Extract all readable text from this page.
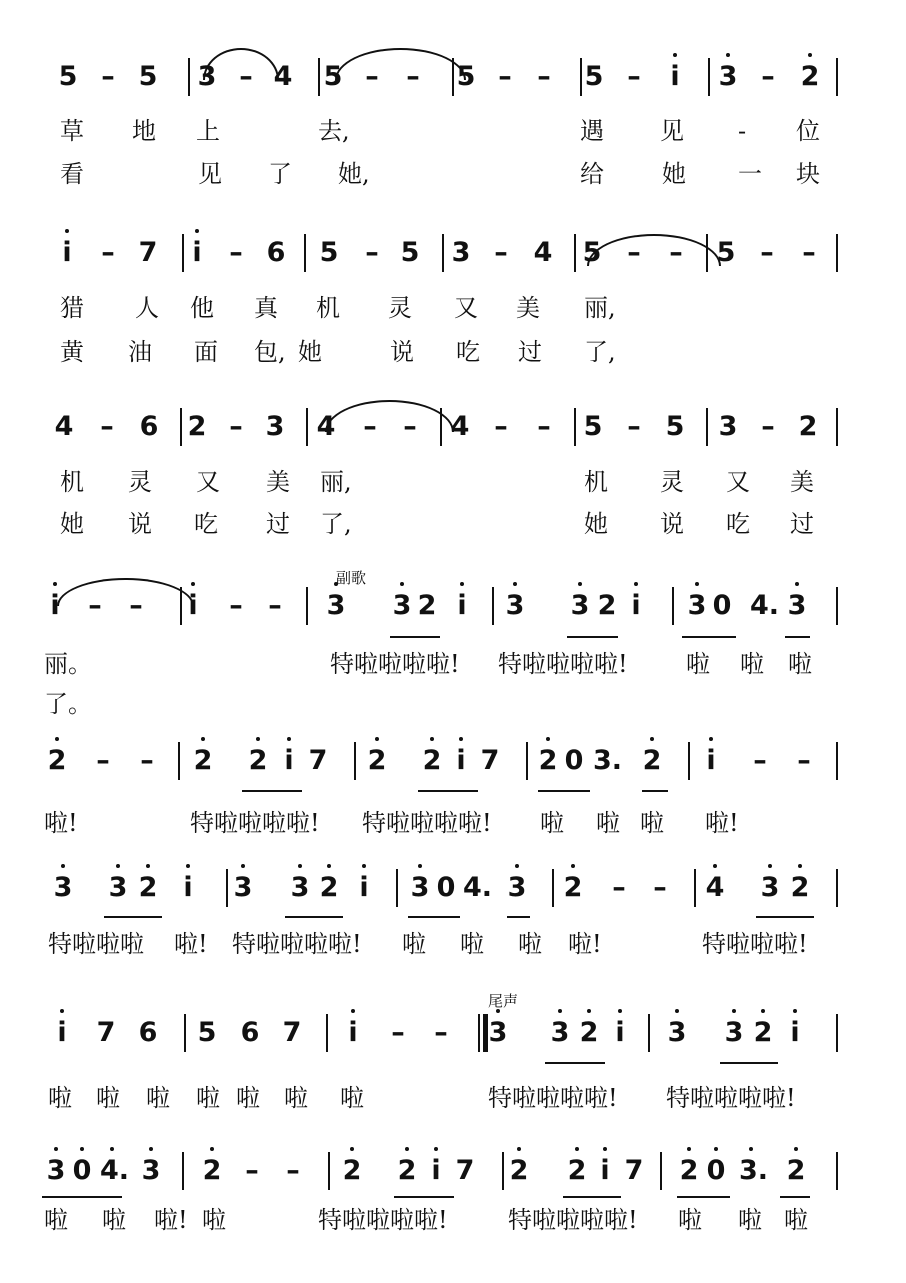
5 – 5 3 – 4 5 – – 5 – – 5 – i 3 – 2
草 地 上	去,	遇 见 - 位
看	见 了 她,	给 她 一 块
i – 7 i – 6 5 – 5 3 – 4 5 – – 5 – –
猎 人 他 真 机 灵 又 美 丽,
黄 油 面 包, 她	说 吃 过 了,
4 – 6 2 – 3 4 – – 4 – – 5 – 5 3 – 2
机 灵 又 美 丽,	机 灵 又 美
她 说 吃 过 了,	她 说 吃 过
i – – i – – 3 3 2 i 3 3 2 i 3 0 4. 3
副歌
丽。	特啦啦啦啦! 特啦啦啦啦! 啦 啦 啦
了。
2 – – 2 2 i 7 2 2 i 7 2 0 3. 2 i – –
啦!	特啦啦啦啦! 特啦啦啦啦! 啦 啦 啦 啦!
3 3 2 i 3 3 2 i 3 0 4. 3 2 – – 4 3 2
特啦啦啦 啦! 特啦啦啦啦! 啦 啦 啦 啦!	特啦啦啦!
i 7 6 5 6 7 i – – 3 3 2 i 3 3 2 i
尾声
啦 啦 啦 啦 啦 啦 啦	特啦啦啦啦! 特啦啦啦啦!
3 0 4. 3 2 – – 2 2 i 7 2 2 i 7 2 0 3. 2
啦 啦 啦! 啦	特啦啦啦啦!	特啦啦啦啦! 啦 啦 啦
